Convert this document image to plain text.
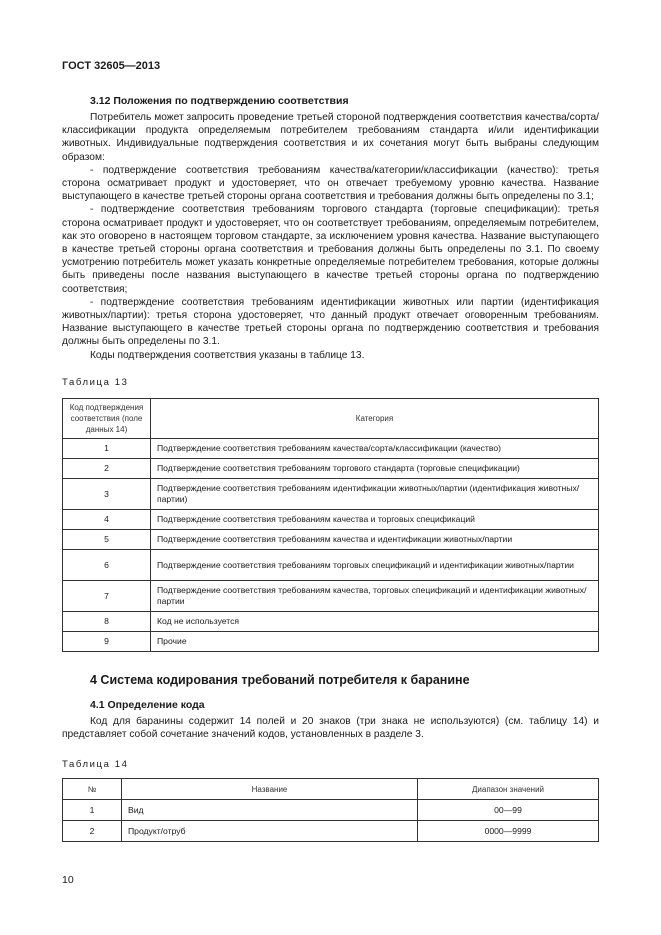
ГОСТ 32605—2013
3.12 Положения по подтверждению соответствия

Потребитель может запросить проведение третьей стороной подтверждения соответствия качества/сорта/классификации продукта определяемым потребителем требованиям стандарта и/или идентификации животных. Индивидуальные подтверждения соответствия и их сочетания могут быть выбраны следующим образом:

- подтверждение соответствия требованиям качества/категории/классификации (качество): третья сторона осматривает продукт и удостоверяет, что он отвечает требуемому уровню качества. Название выступающего в качестве третьей стороны органа соответствия и требования должны быть определены по 3.1;

- подтверждение соответствия требованиям торгового стандарта (торговые спецификации): третья сторона осматривает продукт и удостоверяет, что он соответствует требованиям, определяемым потребителем, как это оговорено в настоящем торговом стандарте, за исключением уровня качества. Название выступающего в качестве третьей стороны органа соответствия и требования должны быть определены по 3.1. По своему усмотрению потребитель может указать конкретные определяемые потребителем требования, которые должны быть приведены после названия выступающего в качестве третьей стороны органа по подтверждению соответствия;

- подтверждение соответствия требованиям идентификации животных или партии (идентификация животных/партии): третья сторона удостоверяет, что данный продукт отвечает оговоренным требованиям. Название выступающего в качестве третьей стороны органа по подтверждению соответствия и требования должны быть определены по 3.1.

Коды подтверждения соответствия указаны в таблице 13.

Таблица 13
Код подтверждения соответствия (поле данных 14)	Категория
1	Подтверждение соответствия требованиям качества/сорта/классификации (качество)
2	Подтверждение соответствия требованиям торгового стандарта (торговые спецификации)
3	Подтверждение соответствия требованиям идентификации животных/партии (идентификация животных/партии)
4	Подтверждение соответствия требованиям качества и торговых спецификаций
5	Подтверждение соответствия требованиям качества и идентификации животных/партии
6	Подтверждение соответствия требованиям торговых спецификаций и идентификации животных/партии
7	Подтверждение соответствия требованиям качества, торговых спецификаций и идентификации животных/партии
8	Код не используется
9	Прочие
4 Система кодирования требований потребителя к баранине
4.1 Определение кода

Код для баранины содержит 14 полей и 20 знаков (три знака не используются) (см. таблицу 14) и представляет собой сочетание значений кодов, установленных в разделе 3.

Таблица 14
№	Название	Диапазон значений
1	Вид	00—99
2	Продукт/отруб	0000—9999
10
